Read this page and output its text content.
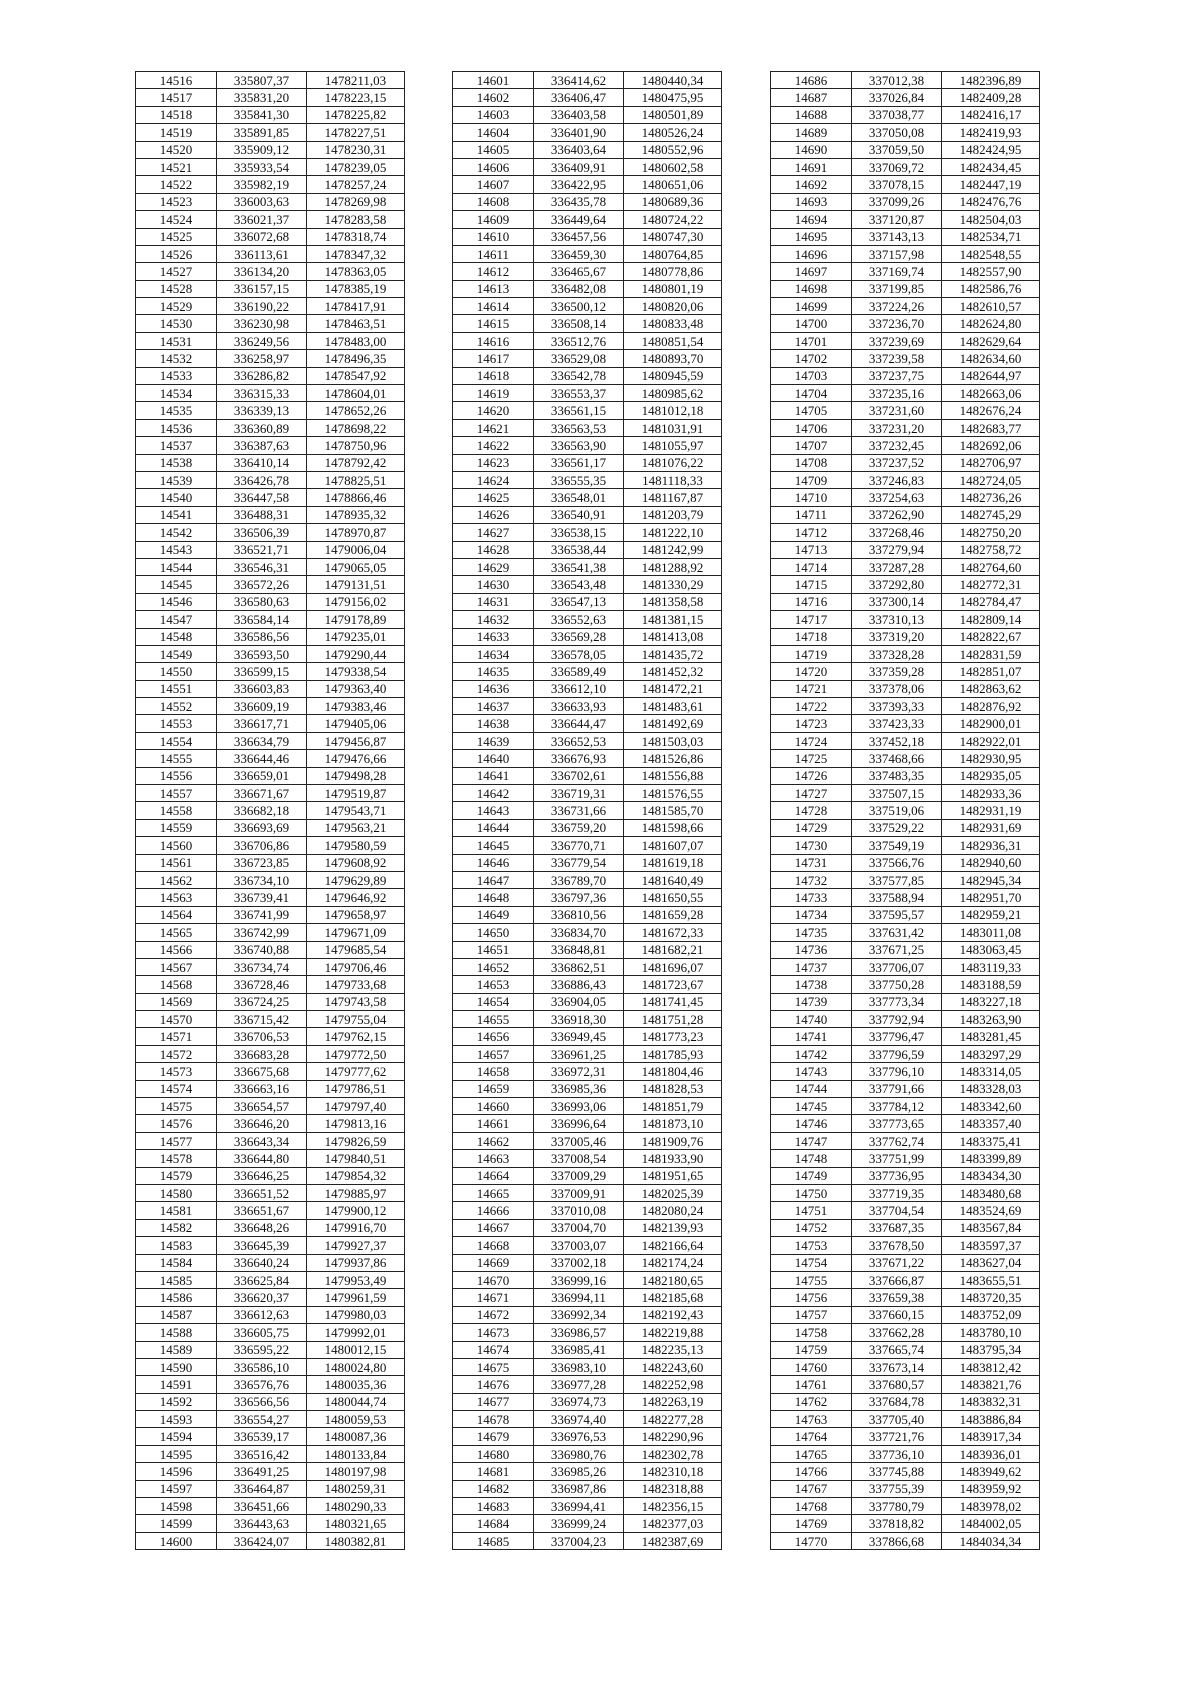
14516	335807,37	1478211,03
14517	335831,20	1478223,15
14518	335841,30	1478225,82
14519	335891,85	1478227,51
14520	335909,12	1478230,31
14521	335933,54	1478239,05
14522	335982,19	1478257,24
14523	336003,63	1478269,98
14524	336021,37	1478283,58
14525	336072,68	1478318,74
14526	336113,61	1478347,32
14527	336134,20	1478363,05
14528	336157,15	1478385,19
14529	336190,22	1478417,91
14530	336230,98	1478463,51
14531	336249,56	1478483,00
14532	336258,97	1478496,35
14533	336286,82	1478547,92
14534	336315,33	1478604,01
14535	336339,13	1478652,26
14536	336360,89	1478698,22
14537	336387,63	1478750,96
14538	336410,14	1478792,42
14539	336426,78	1478825,51
14540	336447,58	1478866,46
14541	336488,31	1478935,32
14542	336506,39	1478970,87
14543	336521,71	1479006,04
14544	336546,31	1479065,05
14545	336572,26	1479131,51
14546	336580,63	1479156,02
14547	336584,14	1479178,89
14548	336586,56	1479235,01
14549	336593,50	1479290,44
14550	336599,15	1479338,54
14551	336603,83	1479363,40
14552	336609,19	1479383,46
14553	336617,71	1479405,06
14554	336634,79	1479456,87
14555	336644,46	1479476,66
14556	336659,01	1479498,28
14557	336671,67	1479519,87
14558	336682,18	1479543,71
14559	336693,69	1479563,21
14560	336706,86	1479580,59
14561	336723,85	1479608,92
14562	336734,10	1479629,89
14563	336739,41	1479646,92
14564	336741,99	1479658,97
14565	336742,99	1479671,09
14566	336740,88	1479685,54
14567	336734,74	1479706,46
14568	336728,46	1479733,68
14569	336724,25	1479743,58
14570	336715,42	1479755,04
14571	336706,53	1479762,15
14572	336683,28	1479772,50
14573	336675,68	1479777,62
14574	336663,16	1479786,51
14575	336654,57	1479797,40
14576	336646,20	1479813,16
14577	336643,34	1479826,59
14578	336644,80	1479840,51
14579	336646,25	1479854,32
14580	336651,52	1479885,97
14581	336651,67	1479900,12
14582	336648,26	1479916,70
14583	336645,39	1479927,37
14584	336640,24	1479937,86
14585	336625,84	1479953,49
14586	336620,37	1479961,59
14587	336612,63	1479980,03
14588	336605,75	1479992,01
14589	336595,22	1480012,15
14590	336586,10	1480024,80
14591	336576,76	1480035,36
14592	336566,56	1480044,74
14593	336554,27	1480059,53
14594	336539,17	1480087,36
14595	336516,42	1480133,84
14596	336491,25	1480197,98
14597	336464,87	1480259,31
14598	336451,66	1480290,33
14599	336443,63	1480321,65
14600	336424,07	1480382,81
14601	336414,62	1480440,34
14602	336406,47	1480475,95
14603	336403,58	1480501,89
14604	336401,90	1480526,24
14605	336403,64	1480552,96
14606	336409,91	1480602,58
14607	336422,95	1480651,06
14608	336435,78	1480689,36
14609	336449,64	1480724,22
14610	336457,56	1480747,30
14611	336459,30	1480764,85
14612	336465,67	1480778,86
14613	336482,08	1480801,19
14614	336500,12	1480820,06
14615	336508,14	1480833,48
14616	336512,76	1480851,54
14617	336529,08	1480893,70
14618	336542,78	1480945,59
14619	336553,37	1480985,62
14620	336561,15	1481012,18
14621	336563,53	1481031,91
14622	336563,90	1481055,97
14623	336561,17	1481076,22
14624	336555,35	1481118,33
14625	336548,01	1481167,87
14626	336540,91	1481203,79
14627	336538,15	1481222,10
14628	336538,44	1481242,99
14629	336541,38	1481288,92
14630	336543,48	1481330,29
14631	336547,13	1481358,58
14632	336552,63	1481381,15
14633	336569,28	1481413,08
14634	336578,05	1481435,72
14635	336589,49	1481452,32
14636	336612,10	1481472,21
14637	336633,93	1481483,61
14638	336644,47	1481492,69
14639	336652,53	1481503,03
14640	336676,93	1481526,86
14641	336702,61	1481556,88
14642	336719,31	1481576,55
14643	336731,66	1481585,70
14644	336759,20	1481598,66
14645	336770,71	1481607,07
14646	336779,54	1481619,18
14647	336789,70	1481640,49
14648	336797,36	1481650,55
14649	336810,56	1481659,28
14650	336834,70	1481672,33
14651	336848,81	1481682,21
14652	336862,51	1481696,07
14653	336886,43	1481723,67
14654	336904,05	1481741,45
14655	336918,30	1481751,28
14656	336949,45	1481773,23
14657	336961,25	1481785,93
14658	336972,31	1481804,46
14659	336985,36	1481828,53
14660	336993,06	1481851,79
14661	336996,64	1481873,10
14662	337005,46	1481909,76
14663	337008,54	1481933,90
14664	337009,29	1481951,65
14665	337009,91	1482025,39
14666	337010,08	1482080,24
14667	337004,70	1482139,93
14668	337003,07	1482166,64
14669	337002,18	1482174,24
14670	336999,16	1482180,65
14671	336994,11	1482185,68
14672	336992,34	1482192,43
14673	336986,57	1482219,88
14674	336985,41	1482235,13
14675	336983,10	1482243,60
14676	336977,28	1482252,98
14677	336974,73	1482263,19
14678	336974,40	1482277,28
14679	336976,53	1482290,96
14680	336980,76	1482302,78
14681	336985,26	1482310,18
14682	336987,86	1482318,88
14683	336994,41	1482356,15
14684	336999,24	1482377,03
14685	337004,23	1482387,69
14686	337012,38	1482396,89
14687	337026,84	1482409,28
14688	337038,77	1482416,17
14689	337050,08	1482419,93
14690	337059,50	1482424,95
14691	337069,72	1482434,45
14692	337078,15	1482447,19
14693	337099,26	1482476,76
14694	337120,87	1482504,03
14695	337143,13	1482534,71
14696	337157,98	1482548,55
14697	337169,74	1482557,90
14698	337199,85	1482586,76
14699	337224,26	1482610,57
14700	337236,70	1482624,80
14701	337239,69	1482629,64
14702	337239,58	1482634,60
14703	337237,75	1482644,97
14704	337235,16	1482663,06
14705	337231,60	1482676,24
14706	337231,20	1482683,77
14707	337232,45	1482692,06
14708	337237,52	1482706,97
14709	337246,83	1482724,05
14710	337254,63	1482736,26
14711	337262,90	1482745,29
14712	337268,46	1482750,20
14713	337279,94	1482758,72
14714	337287,28	1482764,60
14715	337292,80	1482772,31
14716	337300,14	1482784,47
14717	337310,13	1482809,14
14718	337319,20	1482822,67
14719	337328,28	1482831,59
14720	337359,28	1482851,07
14721	337378,06	1482863,62
14722	337393,33	1482876,92
14723	337423,33	1482900,01
14724	337452,18	1482922,01
14725	337468,66	1482930,95
14726	337483,35	1482935,05
14727	337507,15	1482933,36
14728	337519,06	1482931,19
14729	337529,22	1482931,69
14730	337549,19	1482936,31
14731	337566,76	1482940,60
14732	337577,85	1482945,34
14733	337588,94	1482951,70
14734	337595,57	1482959,21
14735	337631,42	1483011,08
14736	337671,25	1483063,45
14737	337706,07	1483119,33
14738	337750,28	1483188,59
14739	337773,34	1483227,18
14740	337792,94	1483263,90
14741	337796,47	1483281,45
14742	337796,59	1483297,29
14743	337796,10	1483314,05
14744	337791,66	1483328,03
14745	337784,12	1483342,60
14746	337773,65	1483357,40
14747	337762,74	1483375,41
14748	337751,99	1483399,89
14749	337736,95	1483434,30
14750	337719,35	1483480,68
14751	337704,54	1483524,69
14752	337687,35	1483567,84
14753	337678,50	1483597,37
14754	337671,22	1483627,04
14755	337666,87	1483655,51
14756	337659,38	1483720,35
14757	337660,15	1483752,09
14758	337662,28	1483780,10
14759	337665,74	1483795,34
14760	337673,14	1483812,42
14761	337680,57	1483821,76
14762	337684,78	1483832,31
14763	337705,40	1483886,84
14764	337721,76	1483917,34
14765	337736,10	1483936,01
14766	337745,88	1483949,62
14767	337755,39	1483959,92
14768	337780,79	1483978,02
14769	337818,82	1484002,05
14770	337866,68	1484034,34
